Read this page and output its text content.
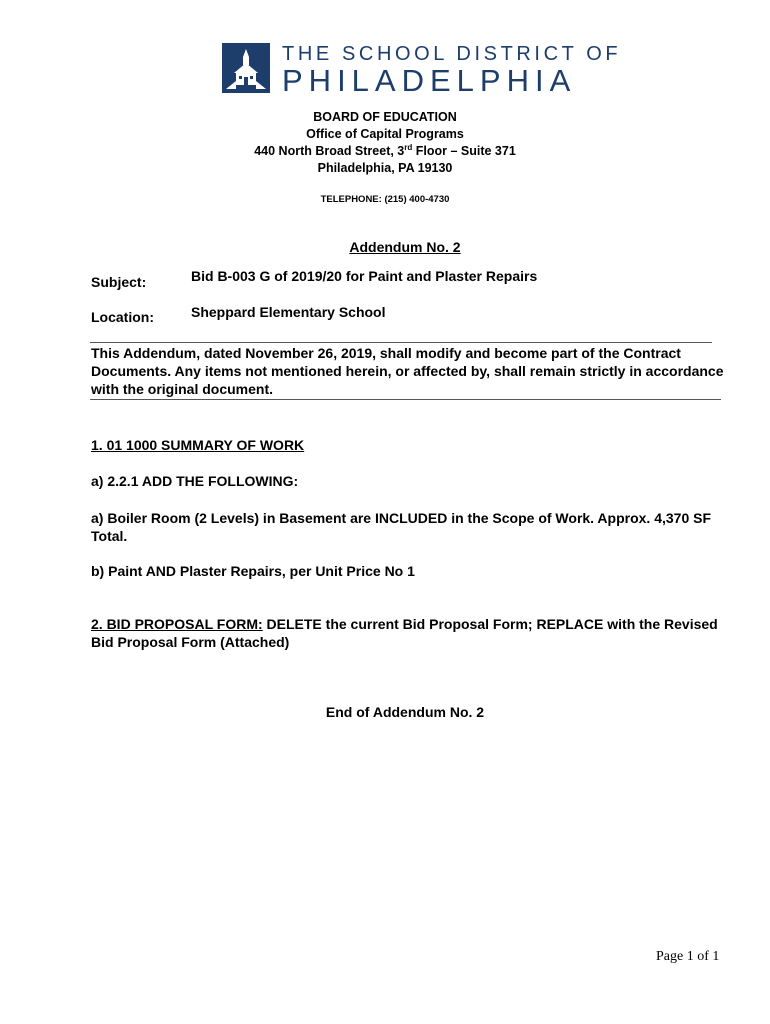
THE SCHOOL DISTRICT OF
PHILADELPHIA
BOARD OF EDUCATION
Office of Capital Programs
440 North Broad Street, 3rd Floor – Suite 371
Philadelphia, PA 19130
TELEPHONE: (215) 400-4730
Addendum No. 2
Subject:	Bid B-003 G of 2019/20 for Paint and Plaster Repairs
Location:	Sheppard Elementary School
This Addendum, dated November 26, 2019, shall modify and become part of the Contract Documents. Any items not mentioned herein, or affected by, shall remain strictly in accordance with the original document.
1. 01 1000 SUMMARY OF WORK
a) 2.2.1 ADD THE FOLLOWING:
a) Boiler Room (2 Levels) in Basement are INCLUDED in the Scope of Work. Approx. 4,370 SF Total.
b) Paint AND Plaster Repairs, per Unit Price No 1
2. BID PROPOSAL FORM: DELETE the current Bid Proposal Form; REPLACE with the Revised Bid Proposal Form (Attached)
End of Addendum No. 2
Page 1 of 1
